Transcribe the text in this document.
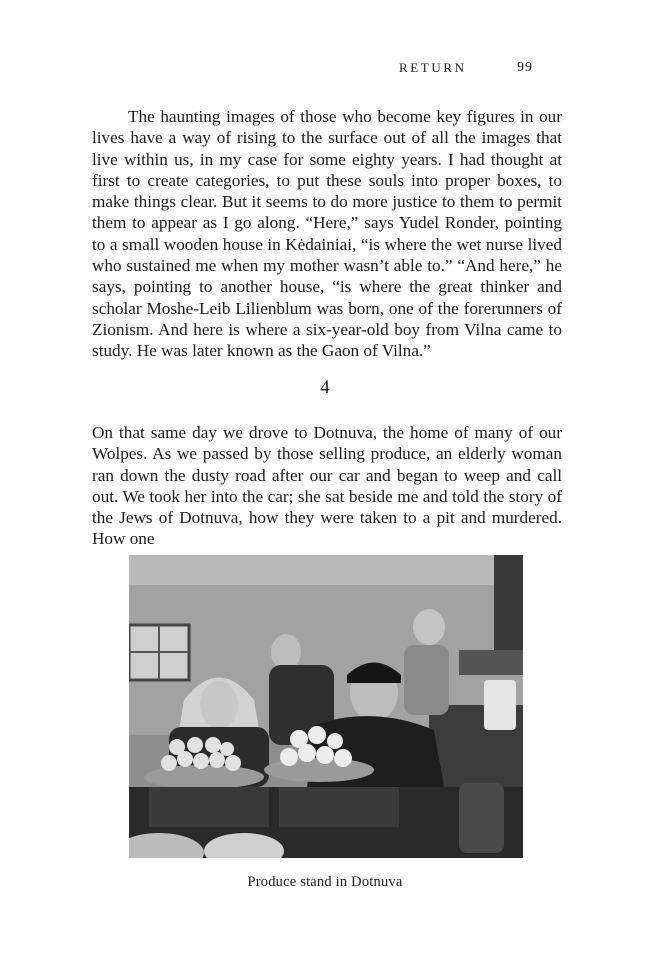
RETURN	99

The haunting images of those who become key figures in our lives have a way of rising to the surface out of all the images that live within us, in my case for some eighty years. I had thought at first to create categories, to put these souls into proper boxes, to make things clear. But it seems to do more justice to them to permit them to appear as I go along. “Here,” says Yudel Ronder, pointing to a small wooden house in Kėdainiai, “is where the wet nurse lived who sustained me when my mother wasn’t able to.” “And here,” he says, pointing to another house, “is where the great thinker and scholar Moshe-Leib Lilienblum was born, one of the forerunners of Zionism. And here is where a six-year-old boy from Vilna came to study. He was later known as the Gaon of Vilna.”

4

On that same day we drove to Dotnuva, the home of many of our Wolpes. As we passed by those selling produce, an elderly woman ran down the dusty road after our car and began to weep and call out. We took her into the car; she sat beside me and told the story of the Jews of Dotnuva, how they were taken to a pit and murdered. How one

Produce stand in Dotnuva
